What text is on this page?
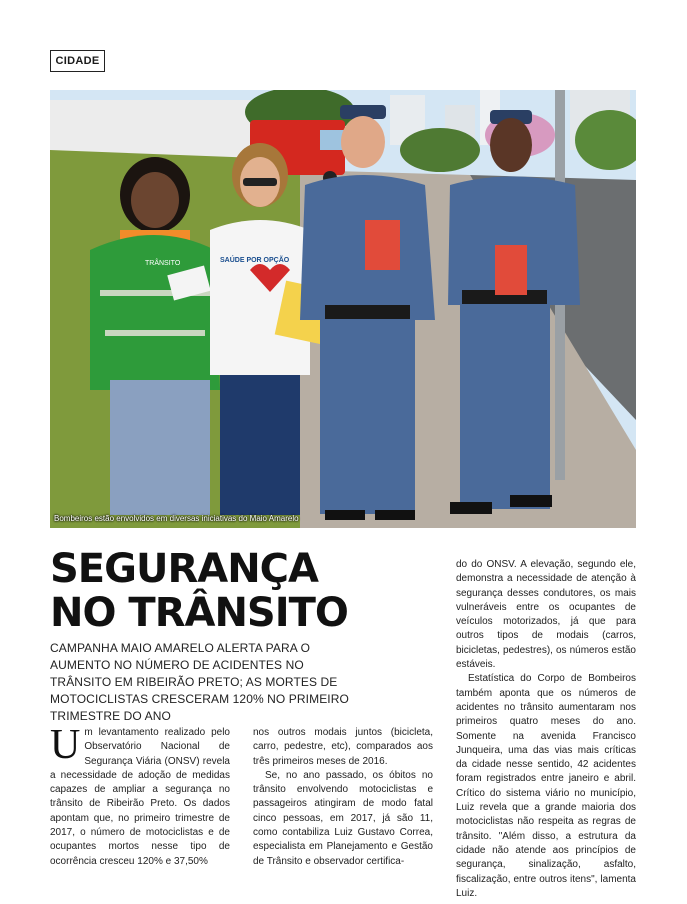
CIDADE
TRÂNSITO	SAÚDE POR OPÇÃO
Bombeiros estão envolvidos em diversas iniciativas do Maio Amarelo
SEGURANÇA
NO TRÂNSITO

CAMPANHA MAIO AMARELO ALERTA PARA O AUMENTO NO NÚMERO DE ACIDENTES NO TRÂNSITO EM RIBEIRÃO PRETO; AS MORTES DE MOTOCICLISTAS CRESCERAM 120% NO PRIMEIRO TRIMESTRE DO ANO

Um levantamento realizado pelo Observatório Nacional de Segurança Viária (ONSV) revela a necessidade de adoção de medidas capazes de ampliar a segurança no trânsito de Ribeirão Preto. Os dados apontam que, no primeiro trimestre de 2017, o número de motociclistas e de ocupantes mortos nesse tipo de ocorrência cresceu 120% e 37,50%

nos outros modais juntos (bicicleta, carro, pedestre, etc), comparados aos três primeiros meses de 2016.

Se, no ano passado, os óbitos no trânsito envolvendo motociclistas e passageiros atingiram de modo fatal cinco pessoas, em 2017, já são 11, como contabiliza Luiz Gustavo Correa, especialista em Planejamento e Gestão de Trânsito e observador certifica-

do do ONSV. A elevação, segundo ele, demonstra a necessidade de atenção à segurança desses condutores, os mais vulneráveis entre os ocupantes de veículos motorizados, já que para outros tipos de modais (carros, bicicletas, pedestres), os números estão estáveis.

Estatística do Corpo de Bombeiros também aponta que os números de acidentes no trânsito aumentaram nos primeiros quatro meses do ano. Somente na avenida Francisco Junqueira, uma das vias mais críticas da cidade nesse sentido, 42 acidentes foram registrados entre janeiro e abril. Crítico do sistema viário no município, Luiz revela que a grande maioria dos motociclistas não respeita as regras de trânsito. "Além disso, a estrutura da cidade não atende aos princípios de segurança, sinalização, asfalto, fiscalização, entre outros itens", lamenta Luiz.
